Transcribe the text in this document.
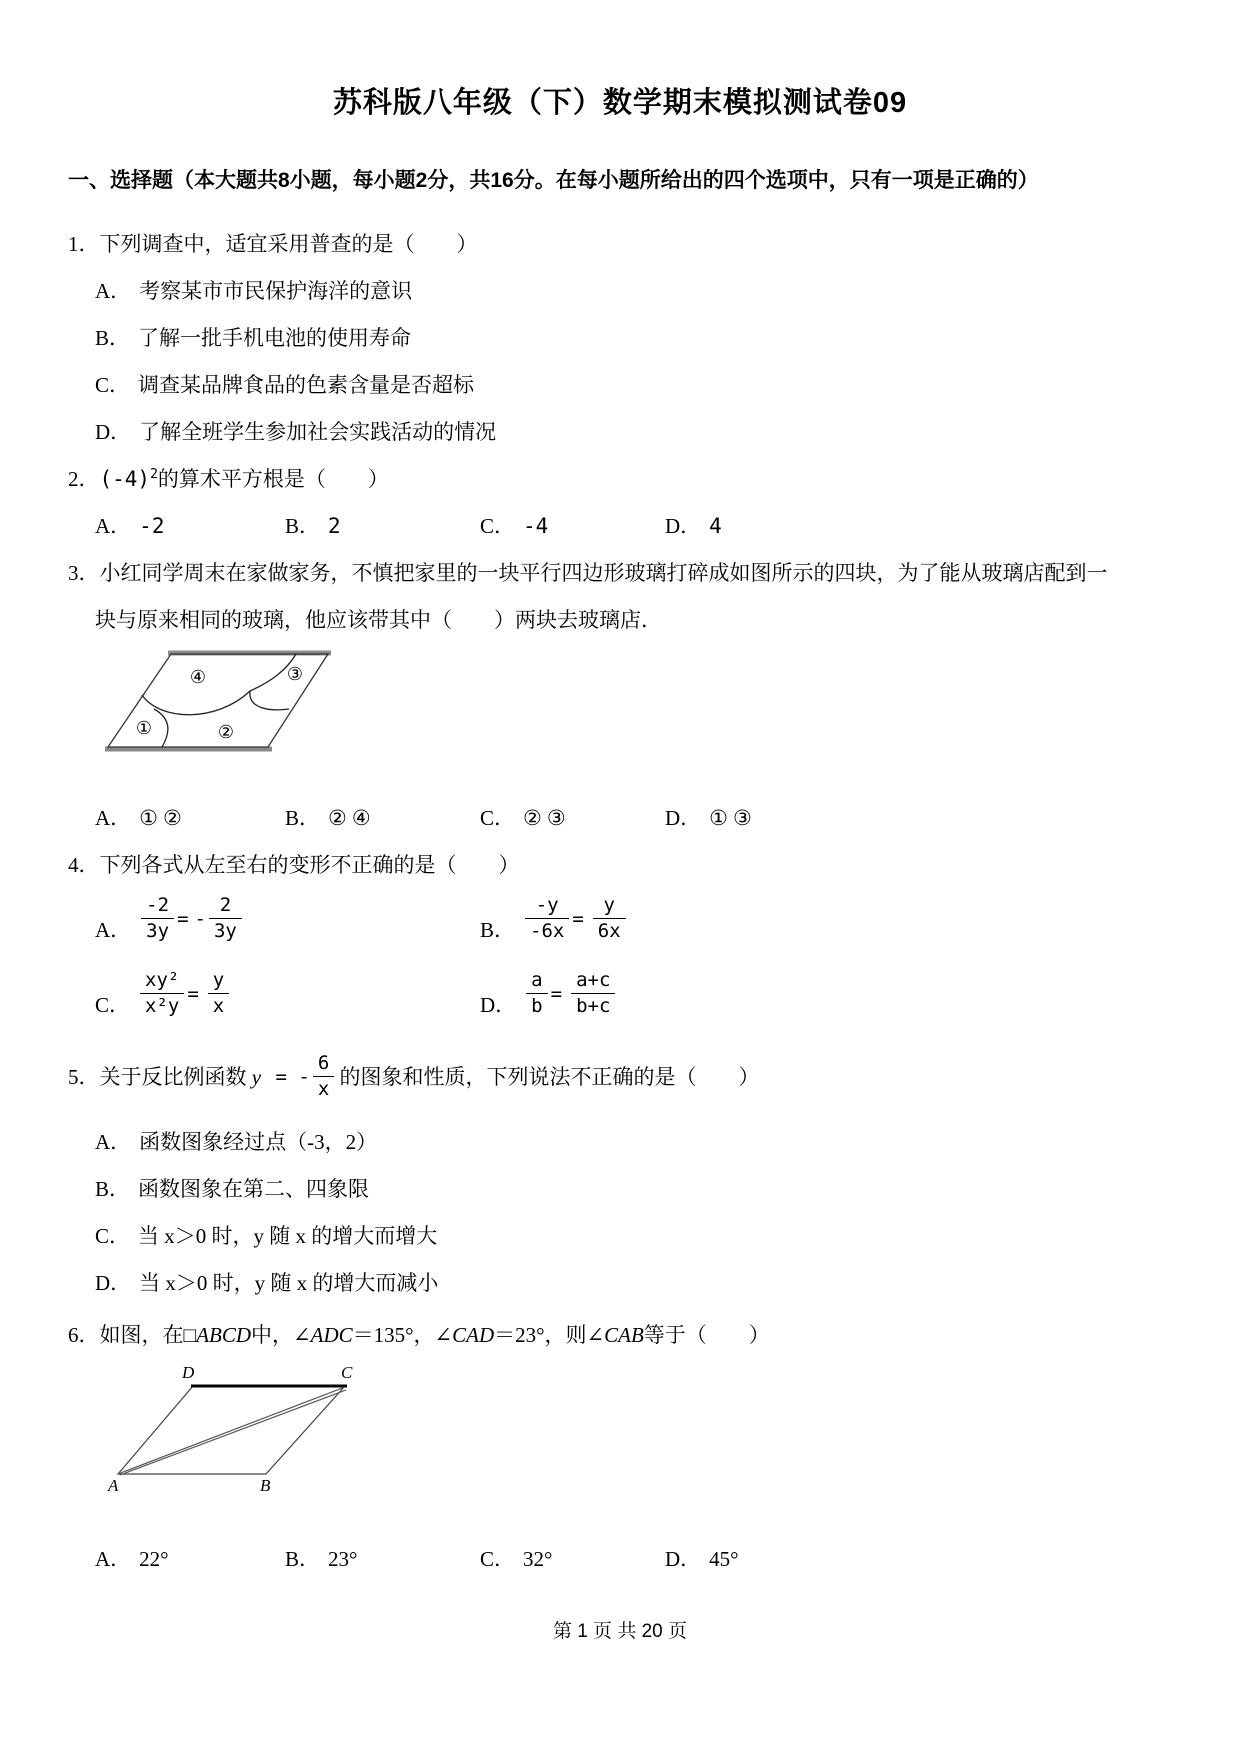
苏科版八年级（下）数学期末模拟测试卷09
一、选择题（本大题共8小题，每小题2分，共16分。在每小题所给出的四个选项中，只有一项是正确的）
1．下列调查中，适宜采用普查的是（　　）
A． 考察某市市民保护海洋的意识
B． 了解一批手机电池的使用寿命
C． 调查某品牌食品的色素含量是否超标
D． 了解全班学生参加社会实践活动的情况
2．$(-4)^2$的算术平方根是（　　）
A． -2	B． 2	C． -4	D． 4
3．小红同学周末在家做家务，不慎把家里的一块平行四边形玻璃打碎成如图所示的四块，为了能从玻璃店配到一
块与原来相同的玻璃，他应该带其中（　　）两块去玻璃店．
④	③
①	②
A． ①②	B． ②④	C． ②③	D． ①③
4．下列各式从左至右的变形不正确的是（　　）
A． $\frac{-2}{3y}$ = - $\frac{2}{3y}$	B． $\frac{-y}{-6x} = \frac{y}{6x}$
C． $\frac{\text{xy²}}{\text{x²y}} = \frac{y}{x}$	D． $\frac{a}{b} = \frac{a+c}{b+c}$
5． 关于反比例函数 y = - $\frac{6}{x}$ 的图象和性质，下列说法不正确的是（　　）
A． 函数图象经过点（-3，2）
B． 函数图象在第二、四象限
C． 当 x＞0 时，y 随 x 的增大而增大
D． 当 x＞0 时，y 随 x 的增大而减小
6．如图，在□ABCD中，∠ADC＝135°，∠CAD＝23°，则∠CAB等于（　　）
D	C
A	B
A． 22°	B． 23°	C． 32°	D． 45°
第 1 页 共 20 页
